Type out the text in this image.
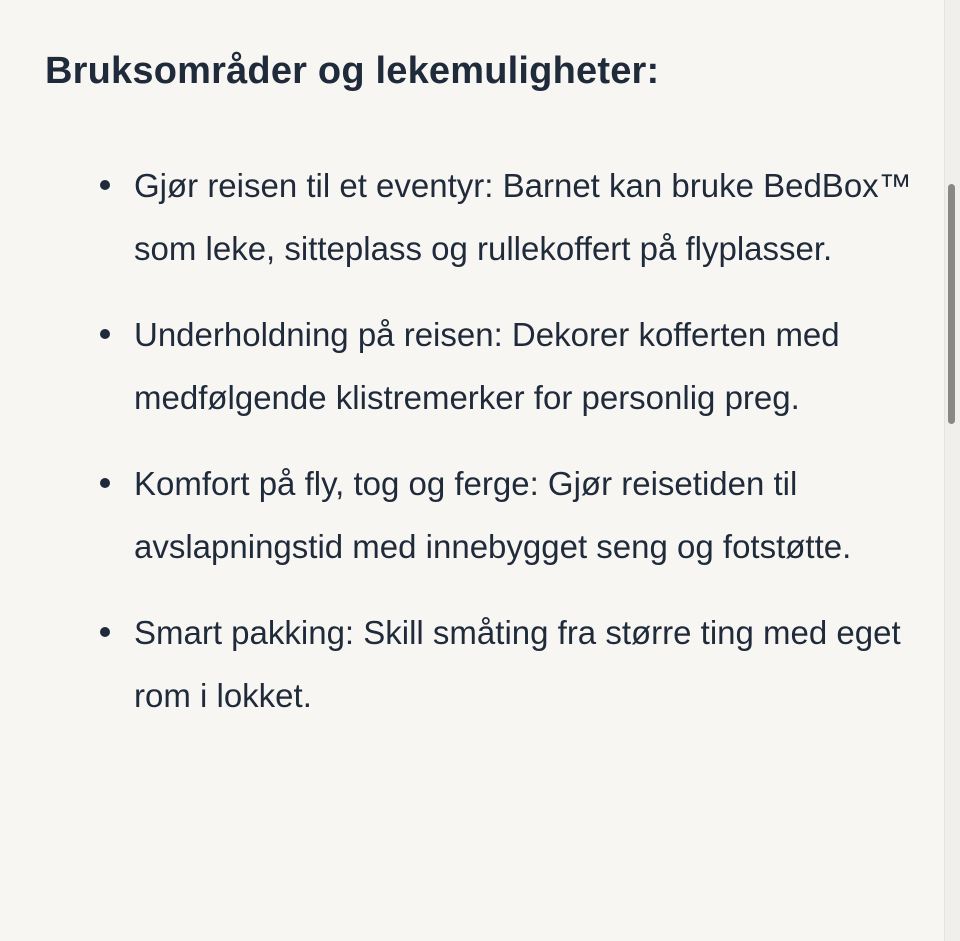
Bruksområder og lekemuligheter:
Gjør reisen til et eventyr: Barnet kan bruke BedBox™ som leke, sitteplass og rullekoffert på flyplasser.
Underholdning på reisen: Dekorer kofferten med medfølgende klistremerker for personlig preg.
Komfort på fly, tog og ferge: Gjør reisetiden til avslapningstid med innebygget seng og fotstøtte.
Smart pakking: Skill småting fra større ting med eget rom i lokket.
